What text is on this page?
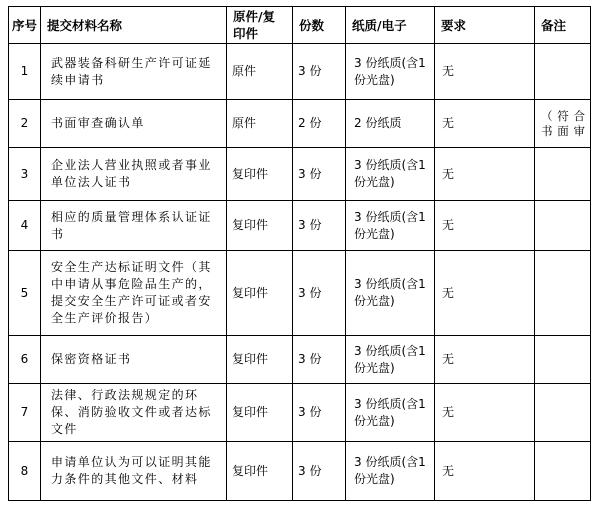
序号	提交材料名称	原件/复印件	份数	纸质/电子	要求	备注
1	武器装备科研生产许可证延续申请书	原件	3 份	3 份纸质(含1 份光盘)	无	
2	书面审查确认单	原件	2 份	2 份纸质	无	（符合书面审
3	企业法人营业执照或者事业单位法人证书	复印件	3 份	3 份纸质(含1 份光盘)	无	
4	相应的质量管理体系认证证书	复印件	3 份	3 份纸质(含1 份光盘)	无	
5	安全生产达标证明文件（其中申请从事危险品生产的，提交安全生产许可证或者安全生产评价报告）	复印件	3 份	3 份纸质(含1 份光盘)	无	
6	保密资格证书	复印件	3 份	3 份纸质(含1 份光盘)	无	
7	法律、行政法规规定的环保、消防验收文件或者达标文件	复印件	3 份	3 份纸质(含1 份光盘)	无	
8	申请单位认为可以证明其能力条件的其他文件、材料	复印件	3 份	3 份纸质(含1 份光盘)	无	
